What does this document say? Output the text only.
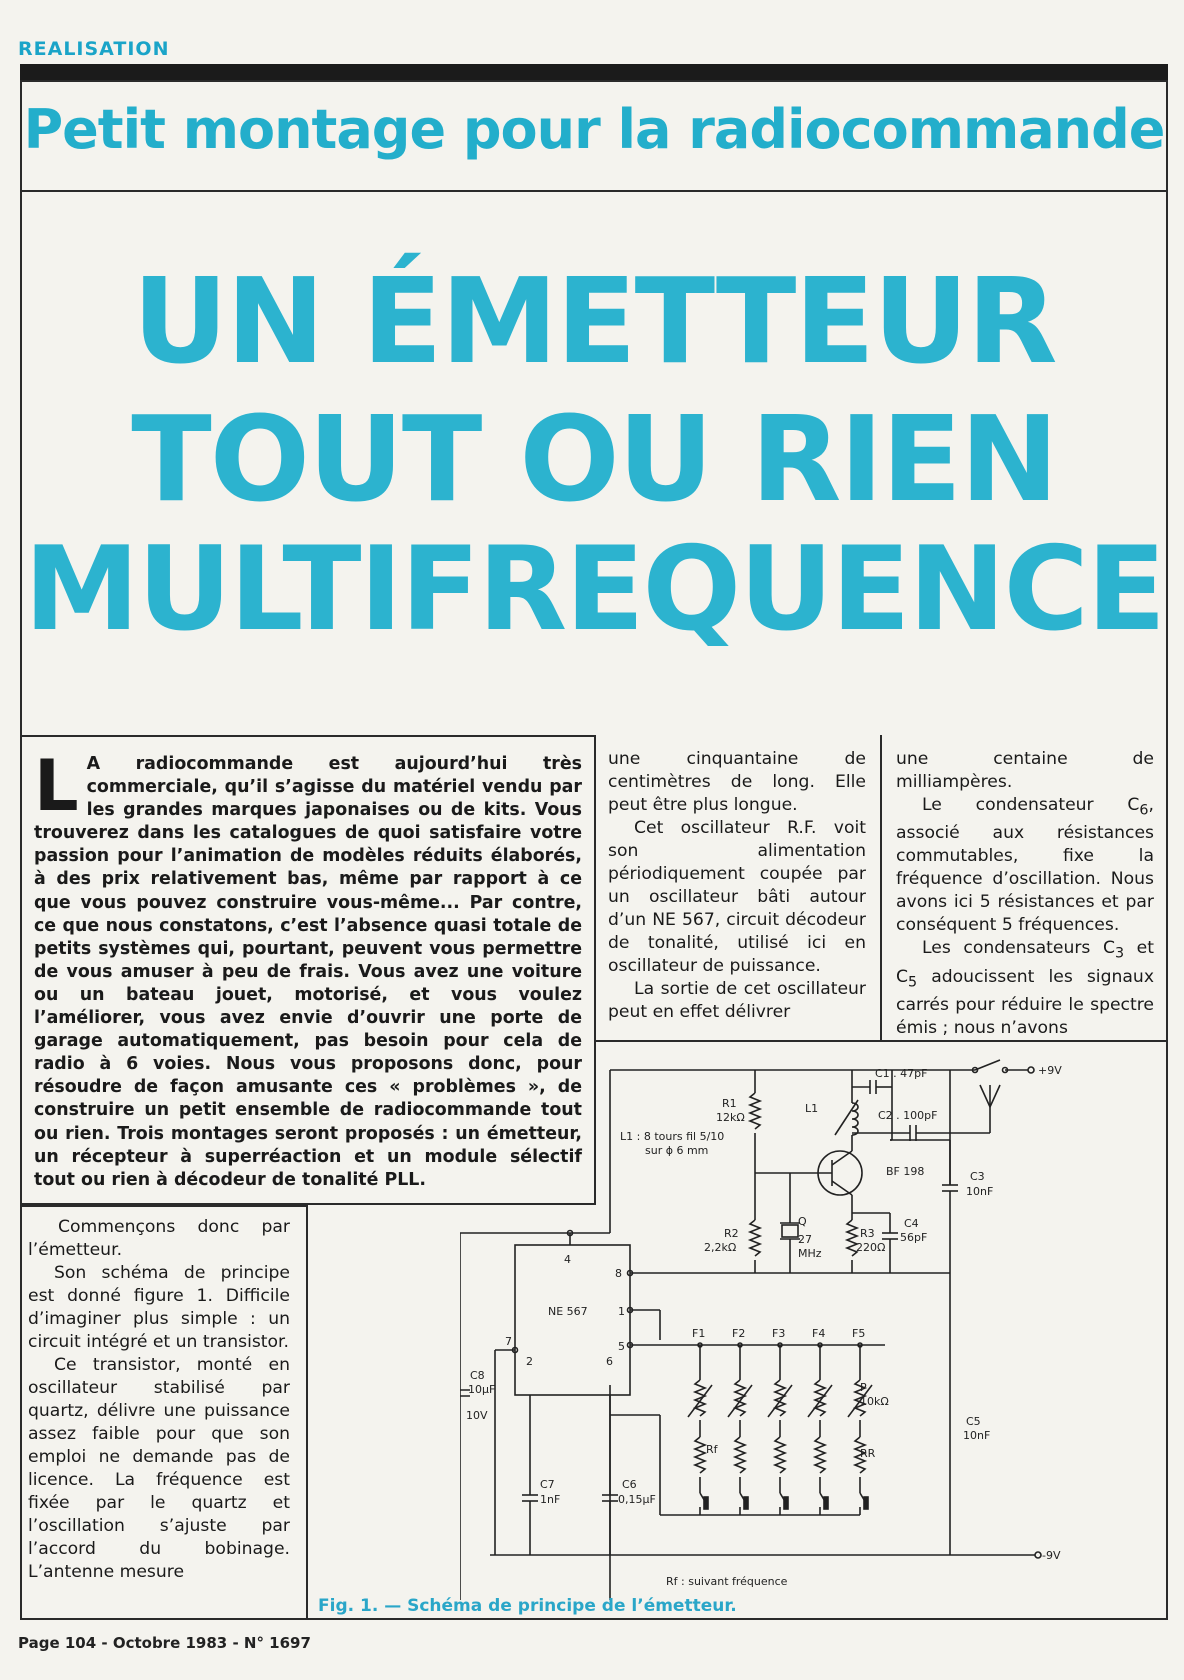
REALISATION
Petit montage pour la radiocommande
UN ÉMETTEUR
TOUT OU RIEN
MULTIFREQUENCE
L A radiocommande est aujourd’hui très commerciale, qu’il s’agisse du matériel vendu par les grandes marques japonaises ou de kits. Vous trouverez dans les catalogues de quoi satisfaire votre passion pour l’animation de modèles réduits élaborés, à des prix relativement bas, même par rapport à ce que vous pouvez construire vous-même... Par contre, ce que nous constatons, c’est l’absence quasi totale de petits systèmes qui, pourtant, peuvent vous permettre de vous amuser à peu de frais. Vous avez une voiture ou un bateau jouet, motorisé, et vous voulez l’améliorer, vous avez envie d’ouvrir une porte de garage automatiquement, pas besoin pour cela de radio à 6 voies. Nous vous proposons donc, pour résoudre de façon amusante ces « problèmes », de construire un petit ensemble de radiocommande tout ou rien. Trois montages seront proposés : un émetteur, un récepteur à superréaction et un module sélectif tout ou rien à décodeur de tonalité PLL.

une cinquantaine de centimètres de long. Elle peut être plus longue.

Cet oscillateur R.F. voit son alimentation périodiquement coupée par un oscillateur bâti autour d’un NE 567, circuit décodeur de tonalité, utilisé ici en oscillateur de puissance.

La sortie de cet oscillateur peut en effet délivrer

une centaine de milliampères.

Le condensateur $C_6$, associé aux résistances commutables, fixe la fréquence d’oscillation. Nous avons ici 5 résistances et par conséquent 5 fréquences.

Les condensateurs $C_3$ et $C_5$ adoucissent les signaux carrés pour réduire le spectre émis ; nous n’avons

Commençons donc par l’émetteur.

Son schéma de principe est donné figure 1. Difficile d’imaginer plus simple : un circuit intégré et un transistor.

Ce transistor, monté en oscillateur stabilisé par quartz, délivre une puissance assez faible pour que son emploi ne demande pas de licence. La fréquence est fixée par le quartz et l’oscillation s’ajuste par l’accord du bobinage. L’antenne mesure

+9V
-9V
R1
12kΩ
R2
2,2kΩ
R3
220Ω
L1
L1 : 8 tours fil 5/10
sur ϕ 6 mm
C1 . 47pF
C2 . 100pF
C3
10nF
C4
56pF
C5
10nF
C6
0,15μF
C7
1nF
C8
10μF
10V
Q
27
MHz
BF 198
NE 567
4
8
1
5
7
2	6
F1 F2 F3 F4 F5
Rf	RR
P
10kΩ
Rf : suivant fréquence
Fig. 1. — Schéma de principe de l’émetteur.
Page 104 - Octobre 1983 - N° 1697
